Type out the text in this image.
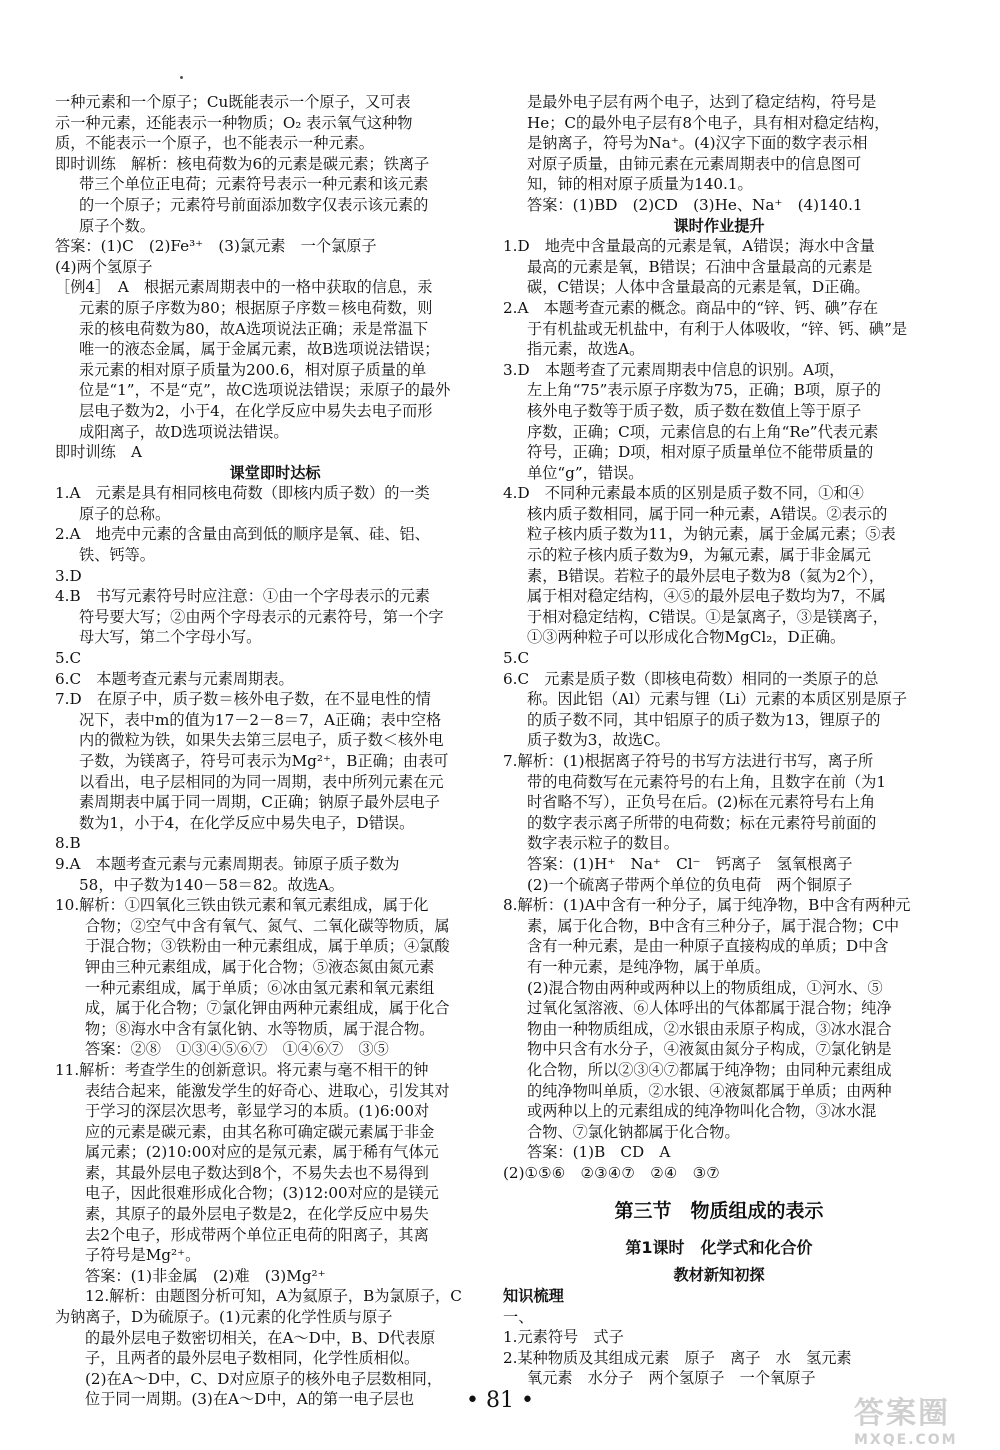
一种元素和一个原子；Cu既能表示一个原子，又可表
示一种元素，还能表示一种物质；O₂ 表示氧气这种物
质，不能表示一个原子，也不能表示一种元素。
即时训练　解析：核电荷数为6的元素是碳元素；铁离子
带三个单位正电荷；元素符号表示一种元素和该元素
的一个原子；元素符号前面添加数字仅表示该元素的
原子个数。
答案：(1)C　(2)Fe³⁺　(3)氯元素　一个氯原子
(4)两个氢原子
［例4］　A　根据元素周期表中的一格中获取的信息，汞
元素的原子序数为80；根据原子序数＝核电荷数，则
汞的核电荷数为80，故A选项说法正确；汞是常温下
唯一的液态金属，属于金属元素，故B选项说法错误；
汞元素的相对原子质量为200.6，相对原子质量的单
位是“1”，不是“克”，故C选项说法错误；汞原子的最外
层电子数为2，小于4，在化学反应中易失去电子而形
成阳离子，故D选项说法错误。
即时训练　A
课堂即时达标
1.A　元素是具有相同核电荷数（即核内质子数）的一类
原子的总称。
2.A　地壳中元素的含量由高到低的顺序是氧、硅、铝、
铁、钙等。
3.D
4.B　书写元素符号时应注意：①由一个字母表示的元素
符号要大写；②由两个字母表示的元素符号，第一个字
母大写，第二个字母小写。
5.C
6.C　本题考查元素与元素周期表。
7.D　在原子中，质子数＝核外电子数，在不显电性的情
况下，表中m的值为17－2－8＝7，A正确；表中空格
内的微粒为铁，如果失去第三层电子，质子数＜核外电
子数，为镁离子，符号可表示为Mg²⁺，B正确；由表可
以看出，电子层相同的为同一周期，表中所列元素在元
素周期表中属于同一周期，C正确；钠原子最外层电子
数为1，小于4，在化学反应中易失电子，D错误。
8.B
9.A　本题考查元素与元素周期表。铈原子质子数为
58，中子数为140－58＝82。故选A。
10.解析：①四氧化三铁由铁元素和氧元素组成，属于化
合物；②空气中含有氧气、氮气、二氧化碳等物质，属
于混合物；③铁粉由一种元素组成，属于单质；④氯酸
钾由三种元素组成，属于化合物；⑤液态氮由氮元素
一种元素组成，属于单质；⑥冰由氢元素和氧元素组
成，属于化合物；⑦氯化钾由两种元素组成，属于化合
物；⑧海水中含有氯化钠、水等物质，属于混合物。
答案：②⑧　①③④⑤⑥⑦　①④⑥⑦　③⑤
11.解析：考查学生的创新意识。将元素与毫不相干的钟
表结合起来，能激发学生的好奇心、进取心，引发其对
于学习的深层次思考，彰显学习的本质。(1)6:00对
应的元素是碳元素，由其名称可确定碳元素属于非金
属元素；(2)10:00对应的是氖元素，属于稀有气体元
素，其最外层电子数达到8个，不易失去也不易得到
电子，因此很难形成化合物；(3)12:00对应的是镁元
素，其原子的最外层电子数是2，在化学反应中易失
去2个电子，形成带两个单位正电荷的阳离子，其离
子符号是Mg²⁺。
答案：(1)非金属　(2)难　(3)Mg²⁺
12.解析：由题图分析可知，A为氦原子，B为氯原子，C
为钠离子，D为硫原子。(1)元素的化学性质与原子
的最外层电子数密切相关，在A～D中，B、D代表原
子，且两者的最外层电子数相同，化学性质相似。
(2)在A～D中，C、D对应原子的核外电子层数相同，
位于同一周期。(3)在A～D中，A的第一电子层也
是最外电子层有两个电子，达到了稳定结构，符号是
He；C的最外电子层有8个电子，具有相对稳定结构，
是钠离子，符号为Na⁺。(4)汉字下面的数字表示相
对原子质量，由铈元素在元素周期表中的信息图可
知，铈的相对原子质量为140.1。
答案：(1)BD　(2)CD　(3)He、Na⁺　(4)140.1
课时作业提升
1.D　地壳中含量最高的元素是氧，A错误；海水中含量
最高的元素是氧，B错误；石油中含量最高的元素是
碳，C错误；人体中含量最高的元素是氧，D正确。
2.A　本题考查元素的概念。商品中的“锌、钙、碘”存在
于有机盐或无机盐中，有利于人体吸收，“锌、钙、碘”是
指元素，故选A。
3.D　本题考查了元素周期表中信息的识别。A项，
左上角“75”表示原子序数为75，正确；B项，原子的
核外电子数等于质子数，质子数在数值上等于原子
序数，正确；C项，元素信息的右上角“Re”代表元素
符号，正确；D项，相对原子质量单位不能带质量的
单位“g”，错误。
4.D　不同种元素最本质的区别是质子数不同，①和④
核内质子数相同，属于同一种元素，A错误。②表示的
粒子核内质子数为11，为钠元素，属于金属元素；⑤表
示的粒子核内质子数为9，为氟元素，属于非金属元
素，B错误。若粒子的最外层电子数为8（氦为2个），
属于相对稳定结构，④⑤的最外层电子数均为7，不属
于相对稳定结构，C错误。①是氯离子，③是镁离子，
①③两种粒子可以形成化合物MgCl₂，D正确。
5.C
6.C　元素是质子数（即核电荷数）相同的一类原子的总
称。因此铝（Al）元素与锂（Li）元素的本质区别是原子
的质子数不同，其中铝原子的质子数为13，锂原子的
质子数为3，故选C。
7.解析：(1)根据离子符号的书写方法进行书写，离子所
带的电荷数写在元素符号的右上角，且数字在前（为1
时省略不写），正负号在后。(2)标在元素符号右上角
的数字表示离子所带的电荷数；标在元素符号前面的
数字表示粒子的数目。
答案：(1)H⁺　Na⁺　Cl⁻　钙离子　氢氧根离子
(2)一个硫离子带两个单位的负电荷　两个铜原子
8.解析：(1)A中含有一种分子，属于纯净物，B中含有两种元
素，属于化合物，B中含有三种分子，属于混合物；C中
含有一种元素，是由一种原子直接构成的单质；D中含
有一种元素，是纯净物，属于单质。
(2)混合物由两种或两种以上的物质组成，①河水、⑤
过氧化氢溶液、⑥人体呼出的气体都属于混合物；纯净
物由一种物质组成，②水银由汞原子构成，③冰水混合
物中只含有水分子，④液氮由氮分子构成，⑦氯化钠是
化合物，所以②③④⑦都属于纯净物；由同种元素组成
的纯净物叫单质，②水银、④液氮都属于单质；由两种
或两种以上的元素组成的纯净物叫化合物，③冰水混
合物、⑦氯化钠都属于化合物。
答案：(1)B　CD　A
(2)①⑤⑥　②③④⑦　②④　③⑦
第三节　物质组成的表示
第1课时　化学式和化合价
教材新知初探
知识梳理
一、
1.元素符号　式子
2.某种物质及其组成元素　原子　离子　水　氢元素
氧元素　水分子　两个氢原子　一个氧原子
• 81 •	答案圈
MXQE.COM
